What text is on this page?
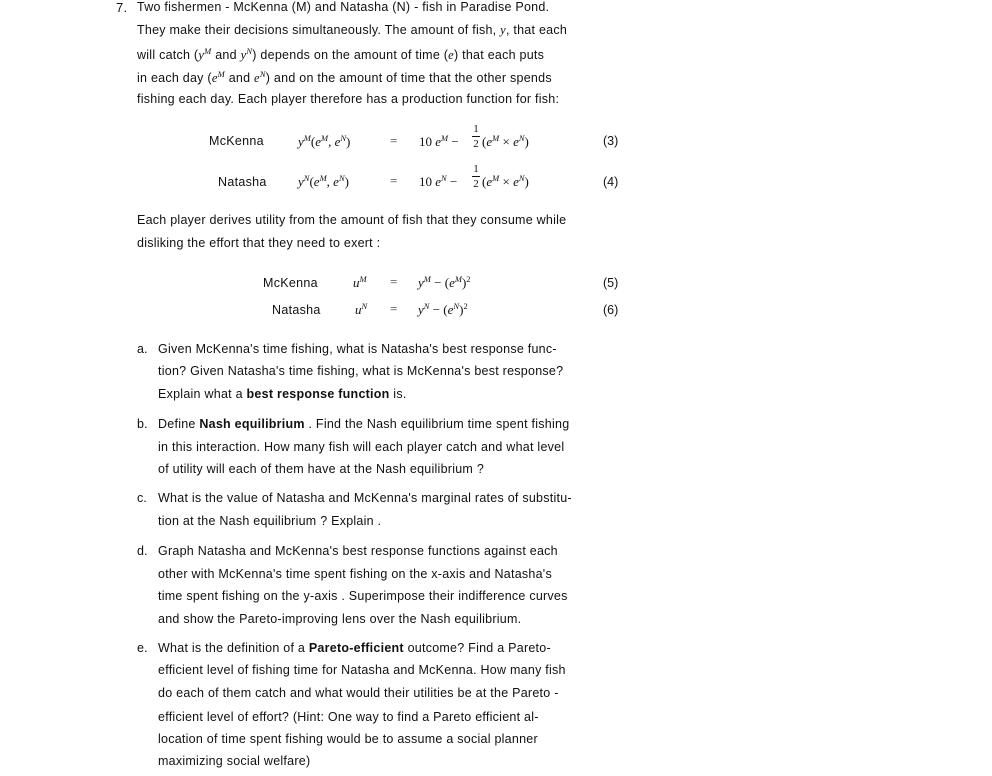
7. Two fishermen - McKenna (M) and Natasha (N) - fish in Paradise Pond.
They make their decisions simultaneously. The amount of fish, y, that each
will catch ($y^M$ and $y^N$) depends on the amount of time (e) that each puts
in each day ($e^M$ and $e^N$) and on the amount of time that the other spends
fishing each day. Each player therefore has a production function for fish:
McKenna	$y^M(e^M$, $e^N$)	= 10 $e^M$ −
1
2 $(e^M \times e^N)$	(3)
Natasha $y^N(e^M$, $e^N$)	= 10 $e^N$ −
1
2 $(e^M \times e^N)$	(4)
Each player derives utility from the amount of fish that they consume while
disliking the effort that they need to exert :
McKenna	$u^M = y^M - (e^M)^2$	(5)
Natasha	$u^N = y^N - (e^N)^2$	(6)
a. Given McKenna's time fishing, what is Natasha's best response func-
tion? Given Natasha's time fishing, what is McKenna's best response?
Explain what a best response function is.
b. Define Nash equilibrium . Find the Nash equilibrium time spent fishing
in this interaction. How many fish will each player catch and what level
of utility will each of them have at the Nash equilibrium ?
c. What is the value of Natasha and McKenna's marginal rates of substitu-
tion at the Nash equilibrium ? Explain .
d. Graph Natasha and McKenna's best response functions against each
other with McKenna's time spent fishing on the x-axis and Natasha's
time spent fishing on the y-axis . Superimpose their indifference curves
and show the Pareto-improving lens over the Nash equilibrium.
e. What is the definition of a Pareto-efficient outcome? Find a Pareto-
efficient level of fishing time for Natasha and McKenna. How many fish
do each of them catch and what would their utilities be at the Pareto -
efficient level of effort? (Hint: One way to find a Pareto efficient al-
location of time spent fishing would be to assume a social planner
maximizing social welfare)
